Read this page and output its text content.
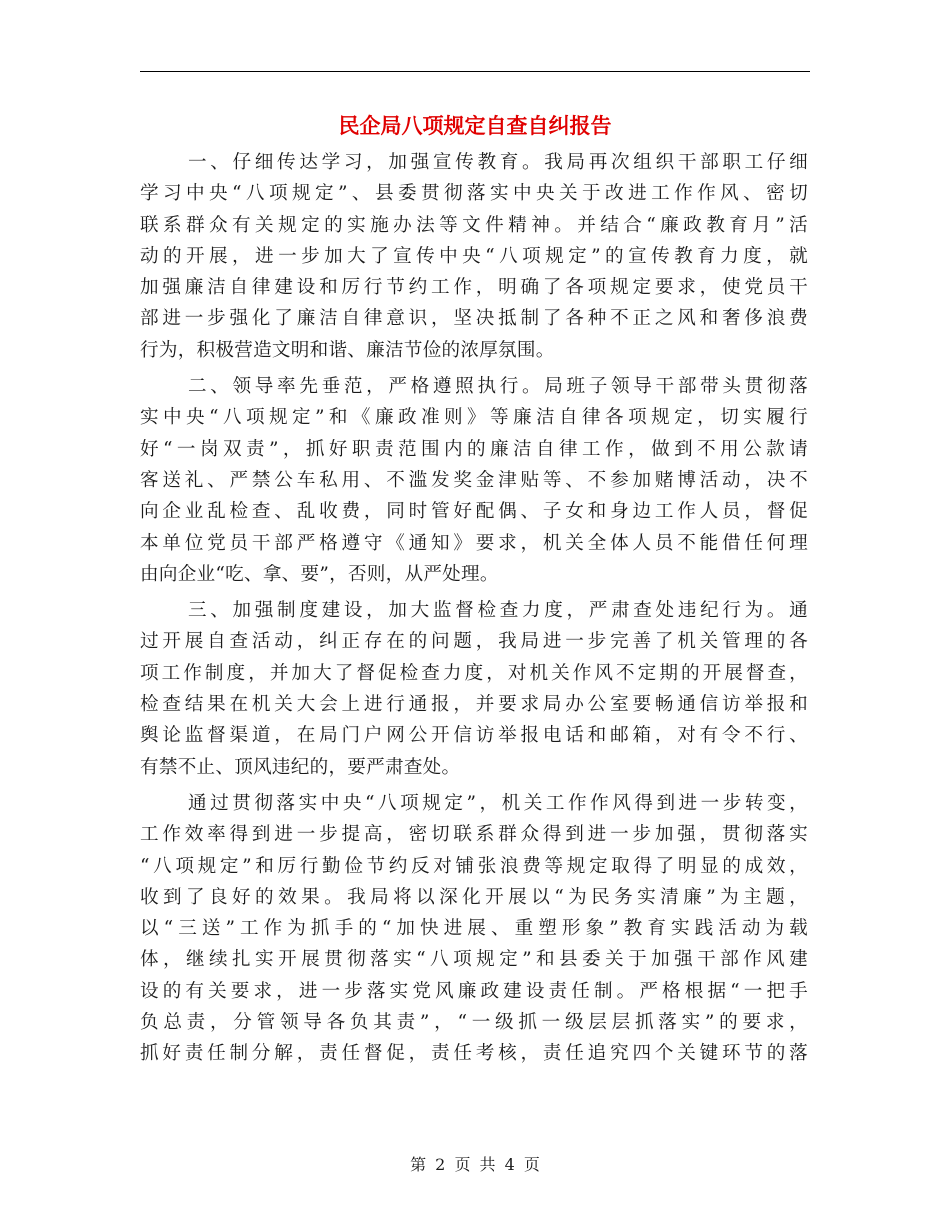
民企局八项规定自查自纠报告

一、仔细传达学习，加强宣传教育。我局再次组织干部职工仔细
学习中央“八项规定”、县委贯彻落实中央关于改进工作作风、密切
联系群众有关规定的实施办法等文件精神。并结合“廉政教育月”活
动的开展，进一步加大了宣传中央“八项规定”的宣传教育力度，就
加强廉洁自律建设和厉行节约工作，明确了各项规定要求，使党员干
部进一步强化了廉洁自律意识，坚决抵制了各种不正之风和奢侈浪费
行为，积极营造文明和谐、廉洁节俭的浓厚氛围。

二、领导率先垂范，严格遵照执行。局班子领导干部带头贯彻落
实中央“八项规定”和《廉政准则》等廉洁自律各项规定，切实履行
好“一岗双责”，抓好职责范围内的廉洁自律工作，做到不用公款请
客送礼、严禁公车私用、不滥发奖金津贴等、不参加赌博活动，决不
向企业乱检查、乱收费，同时管好配偶、子女和身边工作人员，督促
本单位党员干部严格遵守《通知》要求，机关全体人员不能借任何理
由向企业“吃、拿、要”，否则，从严处理。

三、加强制度建设，加大监督检查力度，严肃查处违纪行为。通
过开展自查活动，纠正存在的问题，我局进一步完善了机关管理的各
项工作制度，并加大了督促检查力度，对机关作风不定期的开展督查，
检查结果在机关大会上进行通报，并要求局办公室要畅通信访举报和
舆论监督渠道，在局门户网公开信访举报电话和邮箱，对有令不行、
有禁不止、顶风违纪的，要严肃查处。

通过贯彻落实中央“八项规定”，机关工作作风得到进一步转变，
工作效率得到进一步提高，密切联系群众得到进一步加强，贯彻落实
“八项规定”和厉行勤俭节约反对铺张浪费等规定取得了明显的成效，
收到了良好的效果。我局将以深化开展以“为民务实清廉”为主题，
以“三送”工作为抓手的“加快进展、重塑形象”教育实践活动为载
体，继续扎实开展贯彻落实“八项规定”和县委关于加强干部作风建
设的有关要求，进一步落实党风廉政建设责任制。严格根据“一把手
负总责，分管领导各负其责”，“一级抓一级层层抓落实”的要求，
抓好责任制分解，责任督促，责任考核，责任追究四个关键环节的落

第 2 页 共 4 页
